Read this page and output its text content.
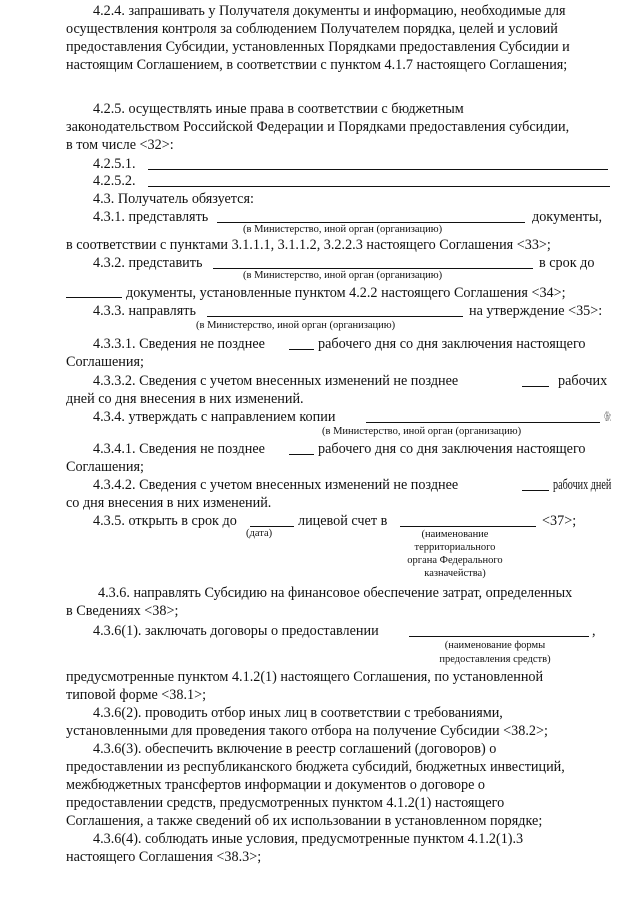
4.2.4. запрашивать у Получателя документы и информацию, необходимые для
осуществления контроля за соблюдением Получателем порядка, целей и условий
предоставления Субсидии, установленных Порядками предоставления Субсидии и
настоящим Соглашением, в соответствии с пунктом 4.1.7 настоящего Соглашения;
4.2.5. осуществлять иные права в соответствии с бюджетным
законодательством Российской Федерации и Порядками предоставления субсидии,
в том числе <32>:
4.2.5.1.
4.2.5.2.
4.3. Получатель обязуется:
4.3.1. представлять	документы,
(в Министерство, иной орган (организацию)
в соответствии с пунктами 3.1.1.1, 3.1.1.2, 3.2.2.3 настоящего Соглашения <33>;
4.3.2. представить	в срок до
(в Министерство, иной орган (организацию)
документы, установленные пунктом 4.2.2 настоящего Соглашения <34>;
4.3.3. направлять	на утверждение <35>:
(в Министерство, иной орган (организацию)
4.3.3.1. Сведения не позднее	рабочего дня со дня заключения настоящего
Соглашения;
4.3.3.2. Сведения с учетом внесенных изменений не позднее	рабочих
дней со дня внесения в них изменений.
4.3.4. утверждать с направлением копии	<36>:
(в Министерство, иной орган (организацию)
4.3.4.1. Сведения не позднее	рабочего дня со дня заключения настоящего
Соглашения;
4.3.4.2. Сведения с учетом внесенных изменений не позднее	рабочих дней
со дня внесения в них изменений.
4.3.5. открыть в срок до	лицевой счет в	<37>;
(дата)	(наименование
территориального
органа Федерального
казначейства)
4.3.6. направлять Субсидию на финансовое обеспечение затрат, определенных
в Сведениях <38>;
4.3.6(1). заключать договоры о предоставлении	,
(наименование формы
предоставления средств)
предусмотренные пунктом 4.1.2(1) настоящего Соглашения, по установленной
типовой форме <38.1>;
4.3.6(2). проводить отбор иных лиц в соответствии с требованиями,
установленными для проведения такого отбора на получение Субсидии <38.2>;
4.3.6(3). обеспечить включение в реестр соглашений (договоров) о
предоставлении из республиканского бюджета субсидий, бюджетных инвестиций,
межбюджетных трансфертов информации и документов о договоре о
предоставлении средств, предусмотренных пунктом 4.1.2(1) настоящего
Соглашения, а также сведений об их использовании в установленном порядке;
4.3.6(4). соблюдать иные условия, предусмотренные пунктом 4.1.2(1).3
настоящего Соглашения <38.3>;
